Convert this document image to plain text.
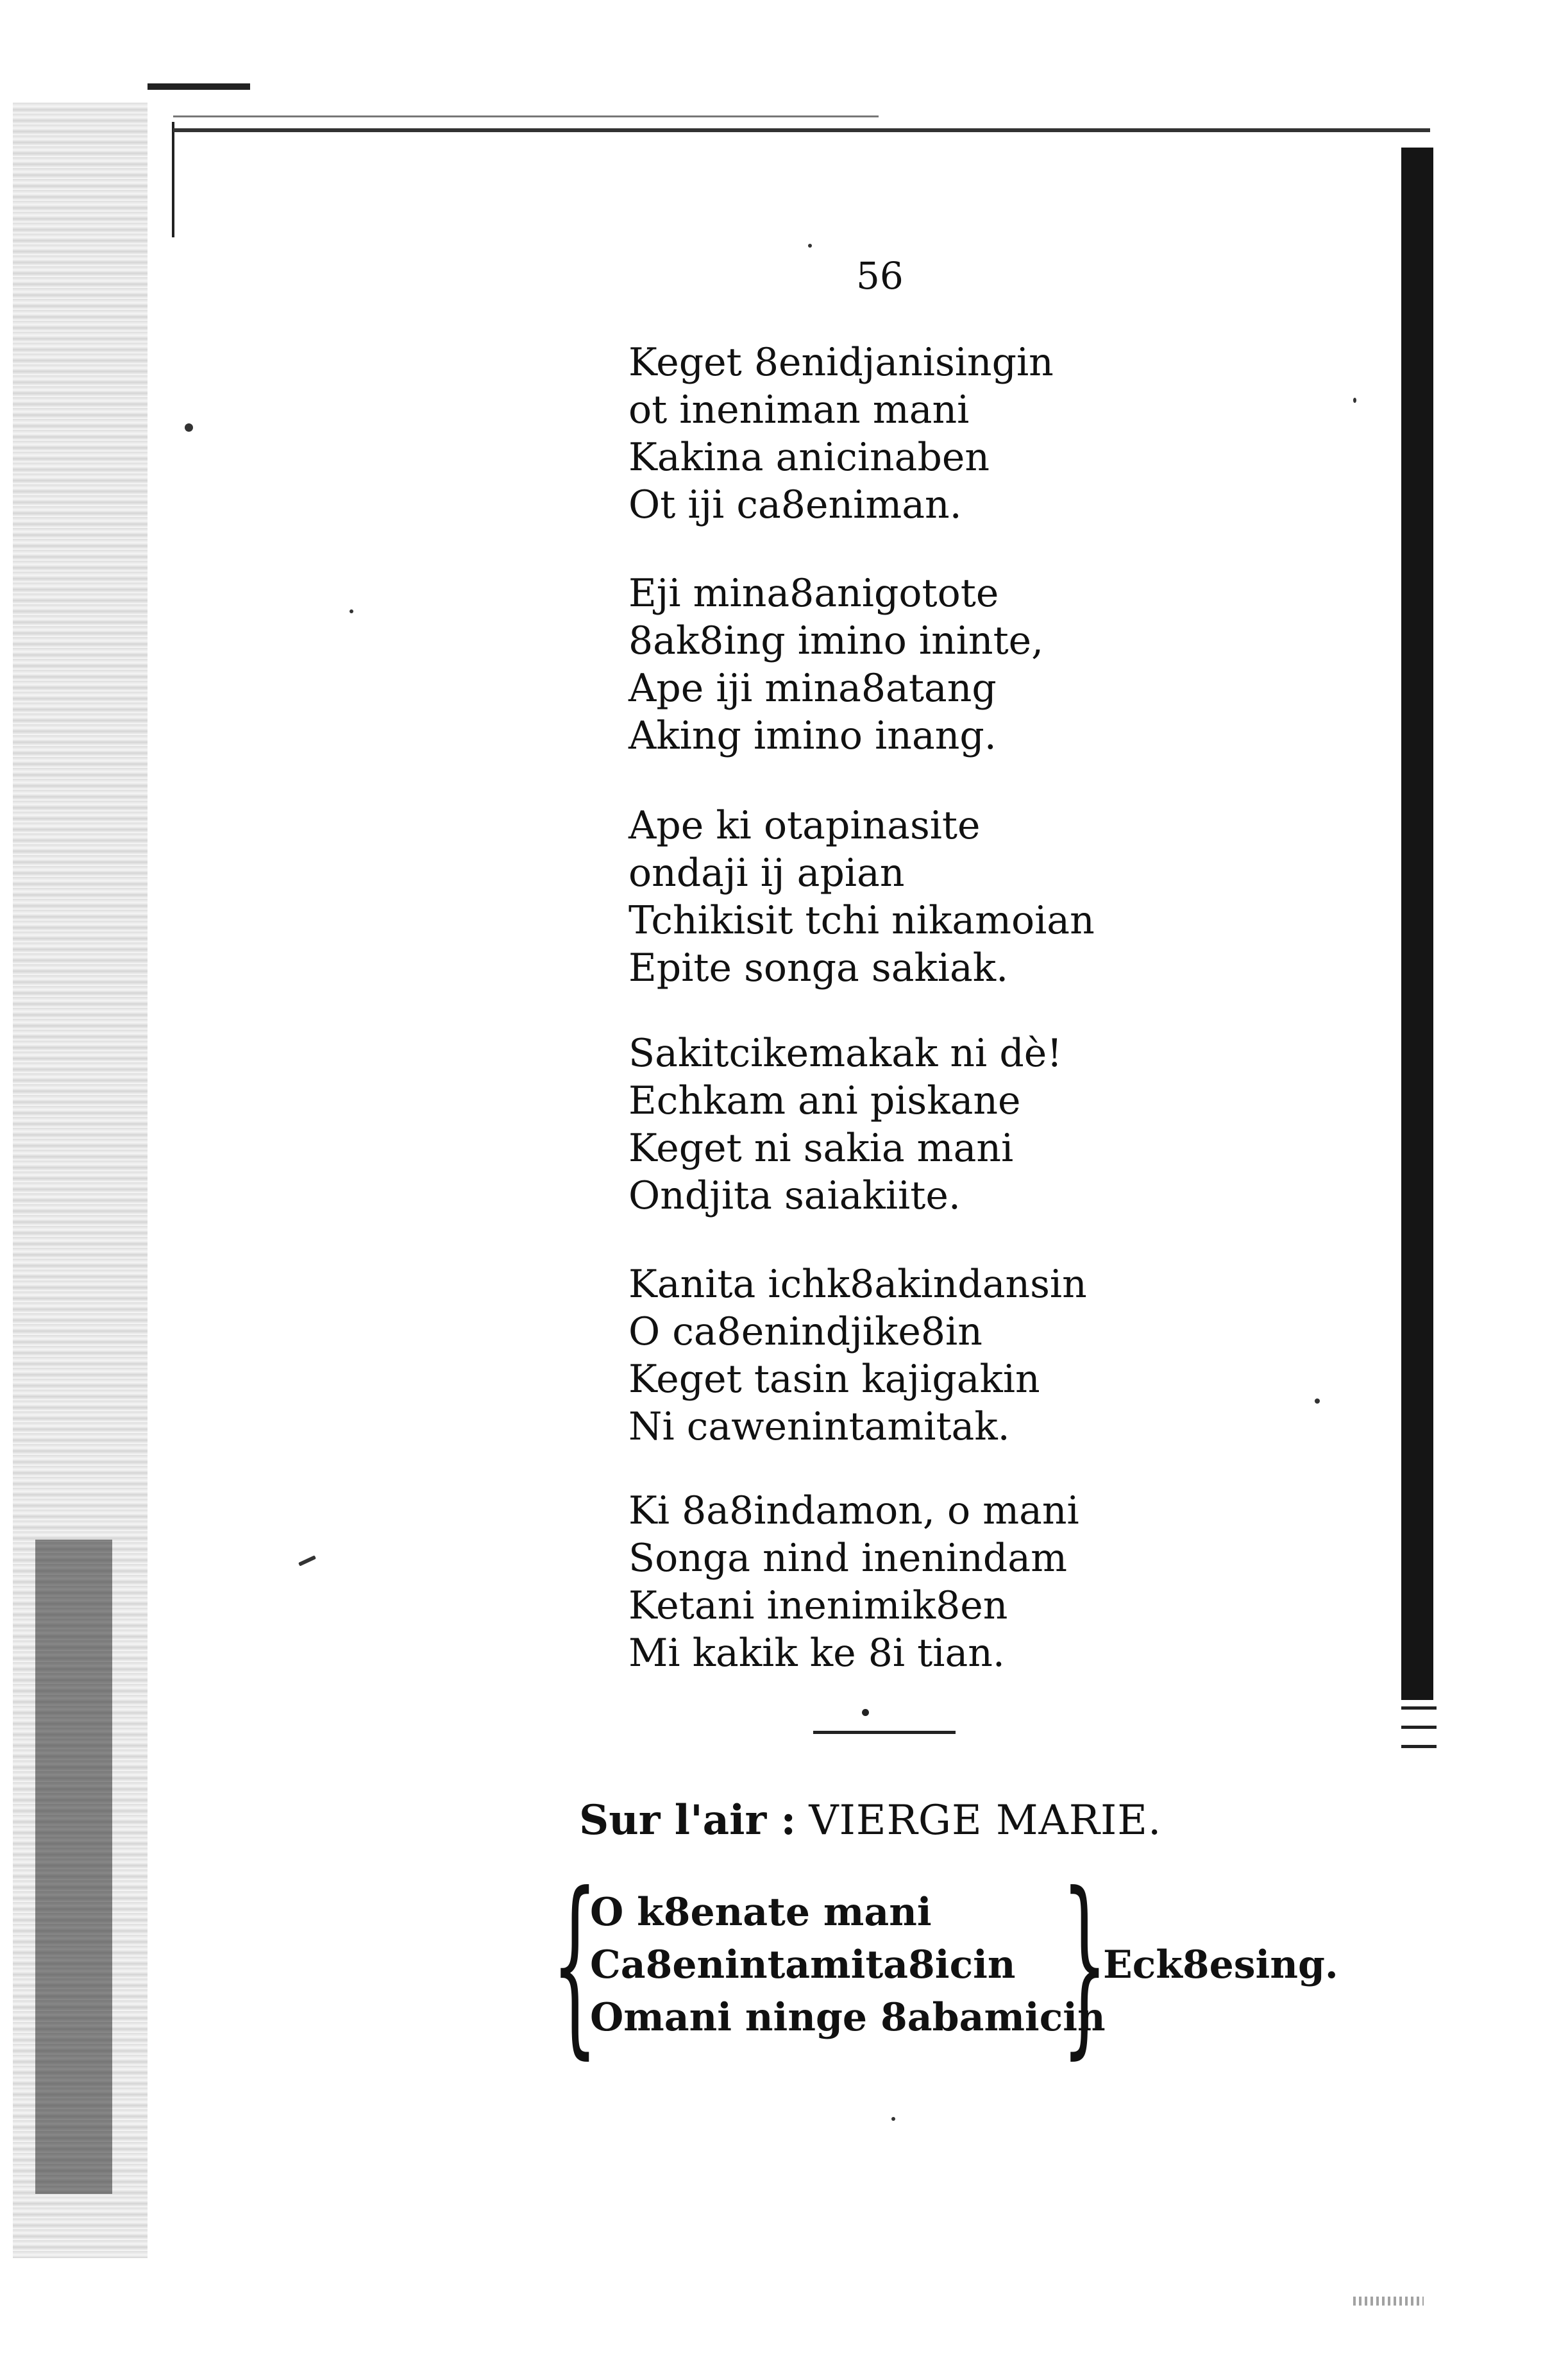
56
Keget 8enidjanisingin
ot ineniman mani
Kakina anicinaben
Ot iji ca8eniman.
Eji mina8anigotote
8ak8ing imino ininte,
Ape iji mina8atang
Aking imino inang.
Ape ki otapinasite
ondaji ij apian
Tchikisit tchi nikamoian
Epite songa sakiak.
Sakitcikemakak ni dè!
Echkam ani piskane
Keget ni sakia mani
Ondjita saiakiite.
Kanita ichk8akindansin
O ca8enindjike8in
Keget tasin kajigakin
Ni cawenintamitak.
Ki 8a8indamon, o mani
Songa nind inenindam
Ketani inenimik8en
Mi kakik ke 8i tian.
Sur l'air : VIERGE MARIE.
{
O k8enate mani
Ca8enintamita8icin
Omani ninge 8abamicin
}
Eck8esing.
